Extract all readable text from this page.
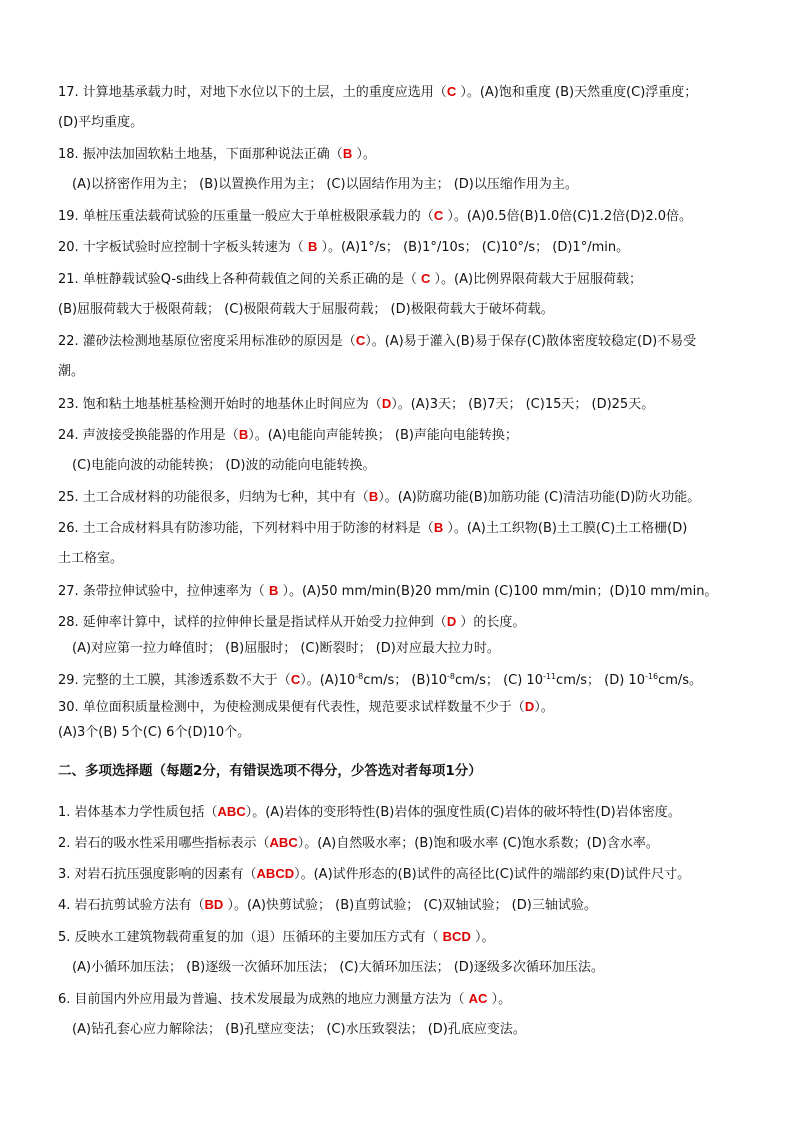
17. 计算地基承载力时，对地下水位以下的土层，土的重度应选用（C ）。(A)饱和重度 (B)天然重度(C)浮重度；
(D)平均重度。
18. 振冲法加固软粘土地基，下面那种说法正确（B ）。
(A)以挤密作用为主； (B)以置换作用为主； (C)以固结作用为主； (D)以压缩作用为主。
19. 单桩压重法载荷试验的压重量一般应大于单桩极限承载力的（C ）。(A)0.5倍(B)1.0倍(C)1.2倍(D)2.0倍。
20. 十字板试验时应控制十字板头转速为（ B ）。(A)1°/s； (B)1°/10s； (C)10°/s； (D)1°/min。
21. 单桩静载试验Q-s曲线上各种荷载值之间的关系正确的是（ C ）。(A)比例界限荷载大于屈服荷载；
(B)屈服荷载大于极限荷载； (C)极限荷载大于屈服荷载； (D)极限荷载大于破坏荷载。
22. 灌砂法检测地基原位密度采用标准砂的原因是（C）。(A)易于灌入(B)易于保存(C)散体密度较稳定(D)不易受
潮。
23. 饱和粘土地基桩基检测开始时的地基休止时间应为（D）。(A)3天； (B)7天； (C)15天； (D)25天。
24. 声波接受换能器的作用是（B）。(A)电能向声能转换； (B)声能向电能转换；
(C)电能向波的动能转换； (D)波的动能向电能转换。
25. 土工合成材料的功能很多，归纳为七种，其中有（B）。(A)防腐功能(B)加筋功能 (C)清洁功能(D)防火功能。
26. 土工合成材料具有防渗功能，下列材料中用于防渗的材料是（B ）。(A)土工织物(B)土工膜(C)土工格栅(D)
土工格室。
27. 条带拉伸试验中，拉伸速率为（ B ）。(A)50 mm/min(B)20 mm/min (C)100 mm/min；(D)10 mm/min。
28. 延伸率计算中，试样的拉伸伸长量是指试样从开始受力拉伸到（D ）的长度。
(A)对应第一拉力峰值时； (B)屈服时； (C)断裂时； (D)对应最大拉力时。
29. 完整的土工膜，其渗透系数不大于（C）。$(A)10^{-8}cm/s$； $(B)10^{-8}cm/s$； (C) $10^{-11}cm/s$； (D) $10^{-16}cm/s$。
30. 单位面积质量检测中，为使检测成果便有代表性，规范要求试样数量不少于（D）。
(A)3个(B) 5个(C) 6个(D)10个。
二、多项选择题（每题2分，有错误选项不得分，少答选对者每项1分）
1. 岩体基本力学性质包括（ABC）。(A)岩体的变形特性(B)岩体的强度性质(C)岩体的破坏特性(D)岩体密度。
2. 岩石的吸水性采用哪些指标表示（ABC）。(A)自然吸水率；(B)饱和吸水率 (C)饱水系数；(D)含水率。
3. 对岩石抗压强度影响的因素有（ABCD）。(A)试件形态的(B)试件的高径比(C)试件的端部约束(D)试件尺寸。
4. 岩石抗剪试验方法有（BD ）。(A)快剪试验； (B)直剪试验； (C)双轴试验； (D)三轴试验。
5. 反映水工建筑物载荷重复的加（退）压循环的主要加压方式有（ BCD ）。
(A)小循环加压法； (B)逐级一次循环加压法； (C)大循环加压法； (D)逐级多次循环加压法。
6. 目前国内外应用最为普遍、技术发展最为成熟的地应力测量方法为（ AC ）。
(A)钻孔套心应力解除法； (B)孔壁应变法； (C)水压致裂法； (D)孔底应变法。
